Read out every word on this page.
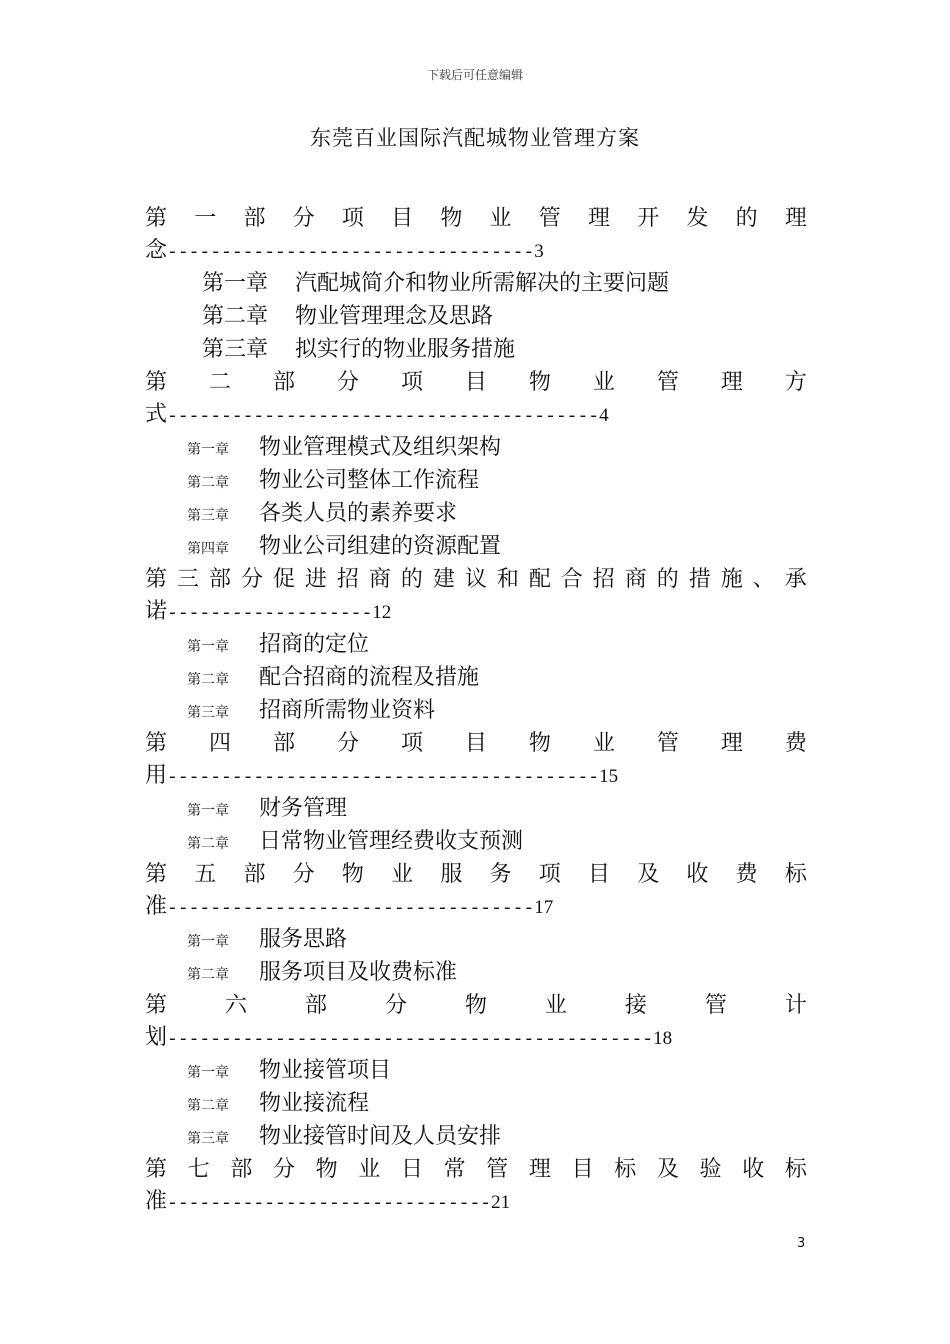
下载后可任意编辑
东莞百业国际汽配城物业管理方案
第 一 部 分 项 目 物 业 管 理 开 发 的 理
念----------------------------------3
第一章 汽配城简介和物业所需解决的主要问题
第二章 物业管理理念及思路
第三章 拟实行的物业服务措施
第 二 部 分 项 目 物 业 管 理 方
式----------------------------------------4
第一章 物业管理模式及组织架构
第二章 物业公司整体工作流程
第三章 各类人员的素养要求
第四章 物业公司组建的资源配置
第 三 部 分 促 进 招 商 的 建 议 和 配 合 招 商 的 措 施 、 承
诺-------------------12
第一章 招商的定位
第二章 配合招商的流程及措施
第三章 招商所需物业资料
第 四 部 分 项 目 物 业 管 理 费
用----------------------------------------15
第一章 财务管理
第二章 日常物业管理经费收支预测
第 五 部 分 物 业 服 务 项 目 及 收 费 标
准----------------------------------17
第一章 服务思路
第二章 服务项目及收费标准
第	六	部	分	物	业	接	管	计
划---------------------------------------------18
第一章 物业接管项目
第二章 物业接流程
第三章 物业接管时间及人员安排
第 七 部 分 物 业 日 常 管 理 目 标 及 验 收 标
准------------------------------21
3
